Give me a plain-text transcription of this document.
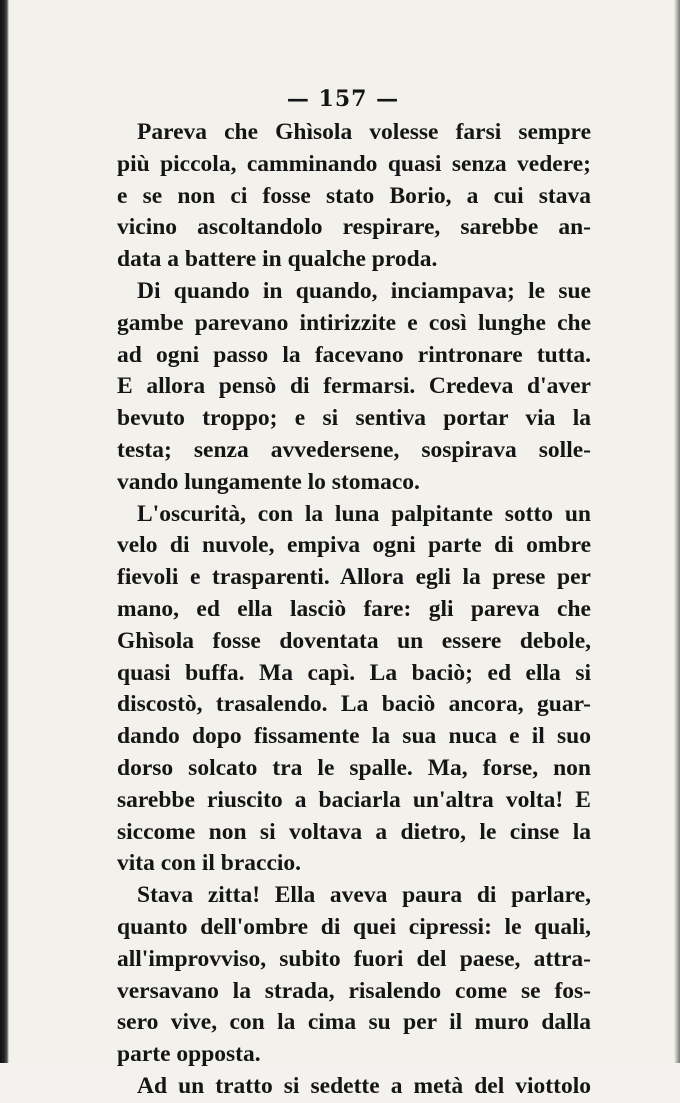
— 157 —
Pareva che Ghìsola volesse farsi sempre
più piccola, camminando quasi senza vedere;
e se non ci fosse stato Borio, a cui stava
vicino ascoltandolo respirare, sarebbe an-
data a battere in qualche proda.
Di quando in quando, inciampava; le sue
gambe parevano intirizzite e così lunghe che
ad ogni passo la facevano rintronare tutta.
E allora pensò di fermarsi. Credeva d'aver
bevuto troppo; e si sentiva portar via la
testa; senza avvedersene, sospirava solle-
vando lungamente lo stomaco.
L'oscurità, con la luna palpitante sotto un
velo di nuvole, empiva ogni parte di ombre
fievoli e trasparenti. Allora egli la prese per
mano, ed ella lasciò fare: gli pareva che
Ghìsola fosse doventata un essere debole,
quasi buffa. Ma capì. La baciò; ed ella si
discostò, trasalendo. La baciò ancora, guar-
dando dopo fissamente la sua nuca e il suo
dorso solcato tra le spalle. Ma, forse, non
sarebbe riuscito a baciarla un'altra volta! E
siccome non si voltava a dietro, le cinse la
vita con il braccio.
Stava zitta! Ella aveva paura di parlare,
quanto dell'ombre di quei cipressi: le quali,
all'improvviso, subito fuori del paese, attra-
versavano la strada, risalendo come se fos-
sero vive, con la cima su per il muro dalla
parte opposta.
Ad un tratto si sedette a metà del viottolo
